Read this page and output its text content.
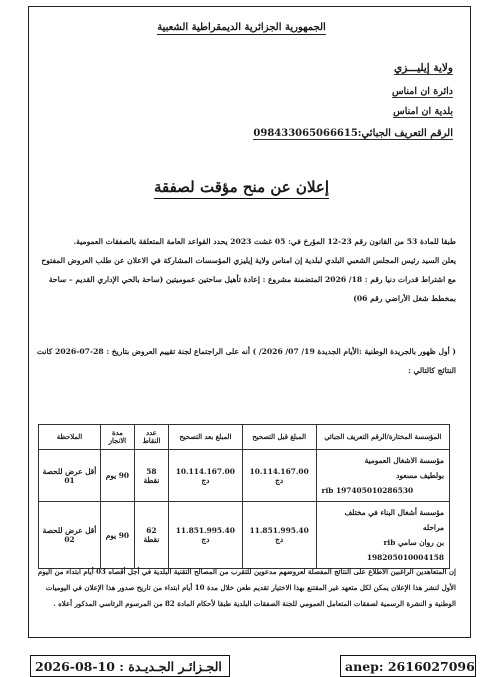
الجمهورية الجزائرية الديمقراطية الشعبية
ولاية إيليـــزي
دائرة ان امناس
بلدية ان امناس
الرقم التعريف الجبائي:098433065066615
إعلان عن منح مؤقت لصفقة
طبقا للمادة 53 من القانون رقم 23-12 المؤرخ في: 05 غشت 2023 يحدد القواعد العامة المتعلقة بالصفقات العمومية.
يعلن السيد رئيس المجلس الشعبي البلدي لبلدية إن امناس ولاية إيليزي المؤسسات المشاركة في الاعلان عن طلب العروض المفتوح
مع اشتراط قدرات دنيا رقم : 18/ 2026 المتضمنة مشروع : إعادة تأهيل ساحتين عموميتين (ساحة بالحي الإداري القديم – ساحة بمخطط شغل الأراضي رقم 06)
( أول ظهور بالجريدة الوطنية :الأيام الجديدة 19/ 07/ 2026/ ) أنه على الراجتماع لجنة تقييم العروض بتاريخ : 28-07-2026 كانت النتائج كالتالي :
المؤسسة المختارة/الرقم التعريف الجبائي	المبلغ قبل التصحيح	المبلغ بعد التصحيح	عدد النقاط	مدة الانجاز	الملاحظة

مؤسسة الاشغال العمومية
بولطيف مسعود
rib 197405010286530	10.114.167.00 دج	10.114.167.00 دج	58 نقطة	90 يوم	أقل عرض للحصة 01

مؤسسة أشغال البناء في مختلف مراحله
بن روان سامي rib 198205010004158	11.851.995.40 دج	11.851.995.40 دج	62 نقطة	90 يوم	أقل عرض للحصة 02
إن المتعاهدين الراغبين الاطلاع على النتائج المفصلة لعروضهم مدعوين للتقرب من المصالح التقنية البلدية في أجل أقصاه 03 أيام ابتداء من اليوم
الأول لنشر هذا الإعلان يمكن لكل متعهد غير المقتنع بهذا الاختيار تقديم طعن خلال مدة 10 أيام ابتداء من تاريخ صدور هذا الإعلان في اليوميات
الوطنية و النشرة الرسمية لصفقات المتعامل العمومي للجنة الصفقات البلدية طبقا لأحكام المادة 82 من المرسوم الرئاسي المذكور أعلاه .
2026-08-10 : الجـزائـر الجـديـدة	anep: 2616027096
